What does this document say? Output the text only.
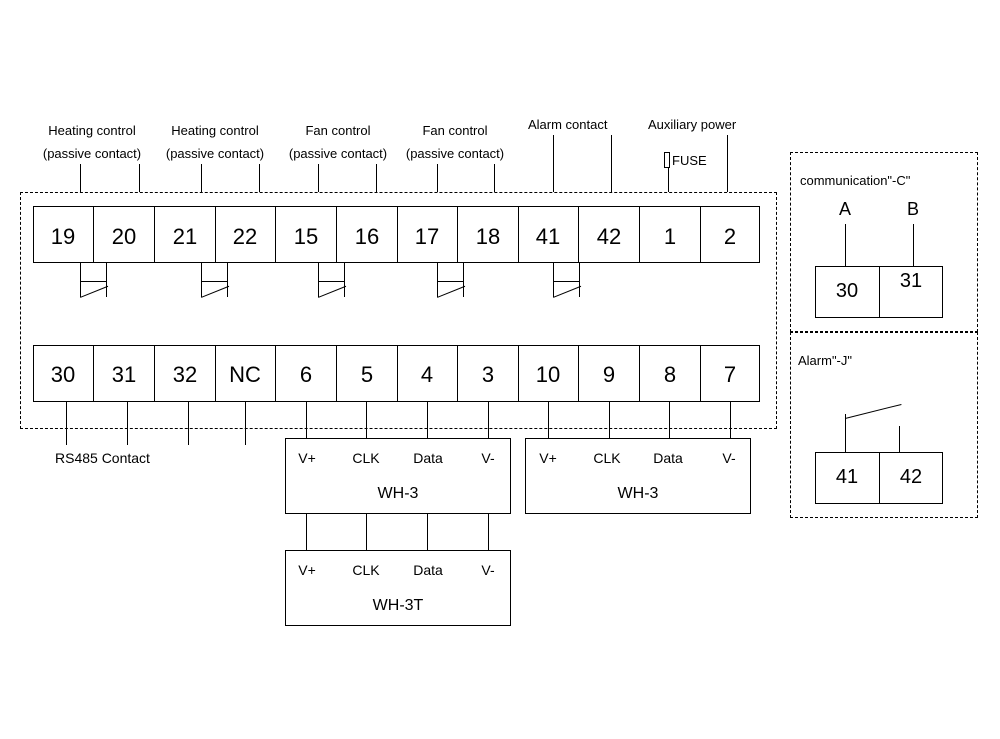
Heating control
(passive contact)
Heating control
(passive contact)
Fan control
(passive contact)
Fan control
(passive contact)
Alarm contact	Auxiliary power
FUSE
19	20	21	22	15	16	17	18	41	42	1	2
30	31	32	NC	6	5	4	3	10	9	8	7
RS485 Contact	V+	CLK	Data	V-
WH-3
V+	CLK	Data	V-
WH-3
V+	CLK	Data	V-
WH-3T
communication"-C"
A	B
30	31
Alarm"-J"
41	42
